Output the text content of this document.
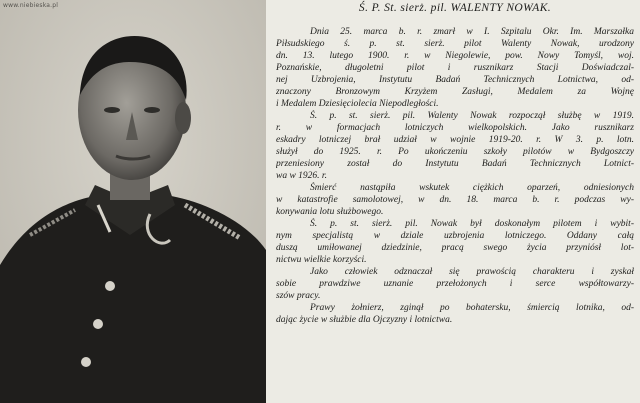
www.niebieska.pl	Ś. P. St. sierż. pil. WALENTY NOWAK.
Dnia 25. marca b. r. zmarł w I. Szpitalu Okr. Im. Marszałka
Piłsudskiego ś. p. st. sierż. pilot Walenty Nowak, urodzony
dn. 13. lutego 1900. r. w Niegolewie, pow. Nowy Tomyśl, woj.
Poznańskie, długoletni pilot i rusznikarz Stacji Doświadczal-
nej Uzbrojenia, Instytutu Badań Technicznych Lotnictwa, od-
znaczony Bronzowym Krzyżem Zasługi, Medalem za Wojnę
i Medalem Dziesięciolecia Niepodległości.
Ś. p. st. sierż. pil. Walenty Nowak rozpoczął służbę w 1919.
r. w formacjach lotniczych wielkopolskich. Jako rusznikarz
eskadry lotniczej brał udział w wojnie 1919-20. r. W 3. p. lotn.
służył do 1925. r. Po ukończeniu szkoły pilotów w Bydgoszczy
przeniesiony został do Instytutu Badań Technicznych Lotnict-
wa w 1926. r.
Śmierć nastąpiła wskutek ciężkich oparzeń, odniesionych
w katastrofie samolotowej, w dn. 18. marca b. r. podczas wy-
konywania lotu służbowego.
Ś. p. st. sierż. pil. Nowak był doskonałym pilotem i wybit-
nym specjalistą w dziale uzbrojenia lotniczego. Oddany całą
duszą umiłowanej dziedzinie, pracą swego życia przyniósł lot-
nictwu wielkie korzyści.
Jako człowiek odznaczał się prawością charakteru i zyskał
sobie prawdziwe uznanie przełożonych i serce współtowarzy-
szów pracy.
Prawy żołnierz, zginął po bohatersku, śmiercią lotnika, od-
dając życie w służbie dla Ojczyzny i lotnictwa.
